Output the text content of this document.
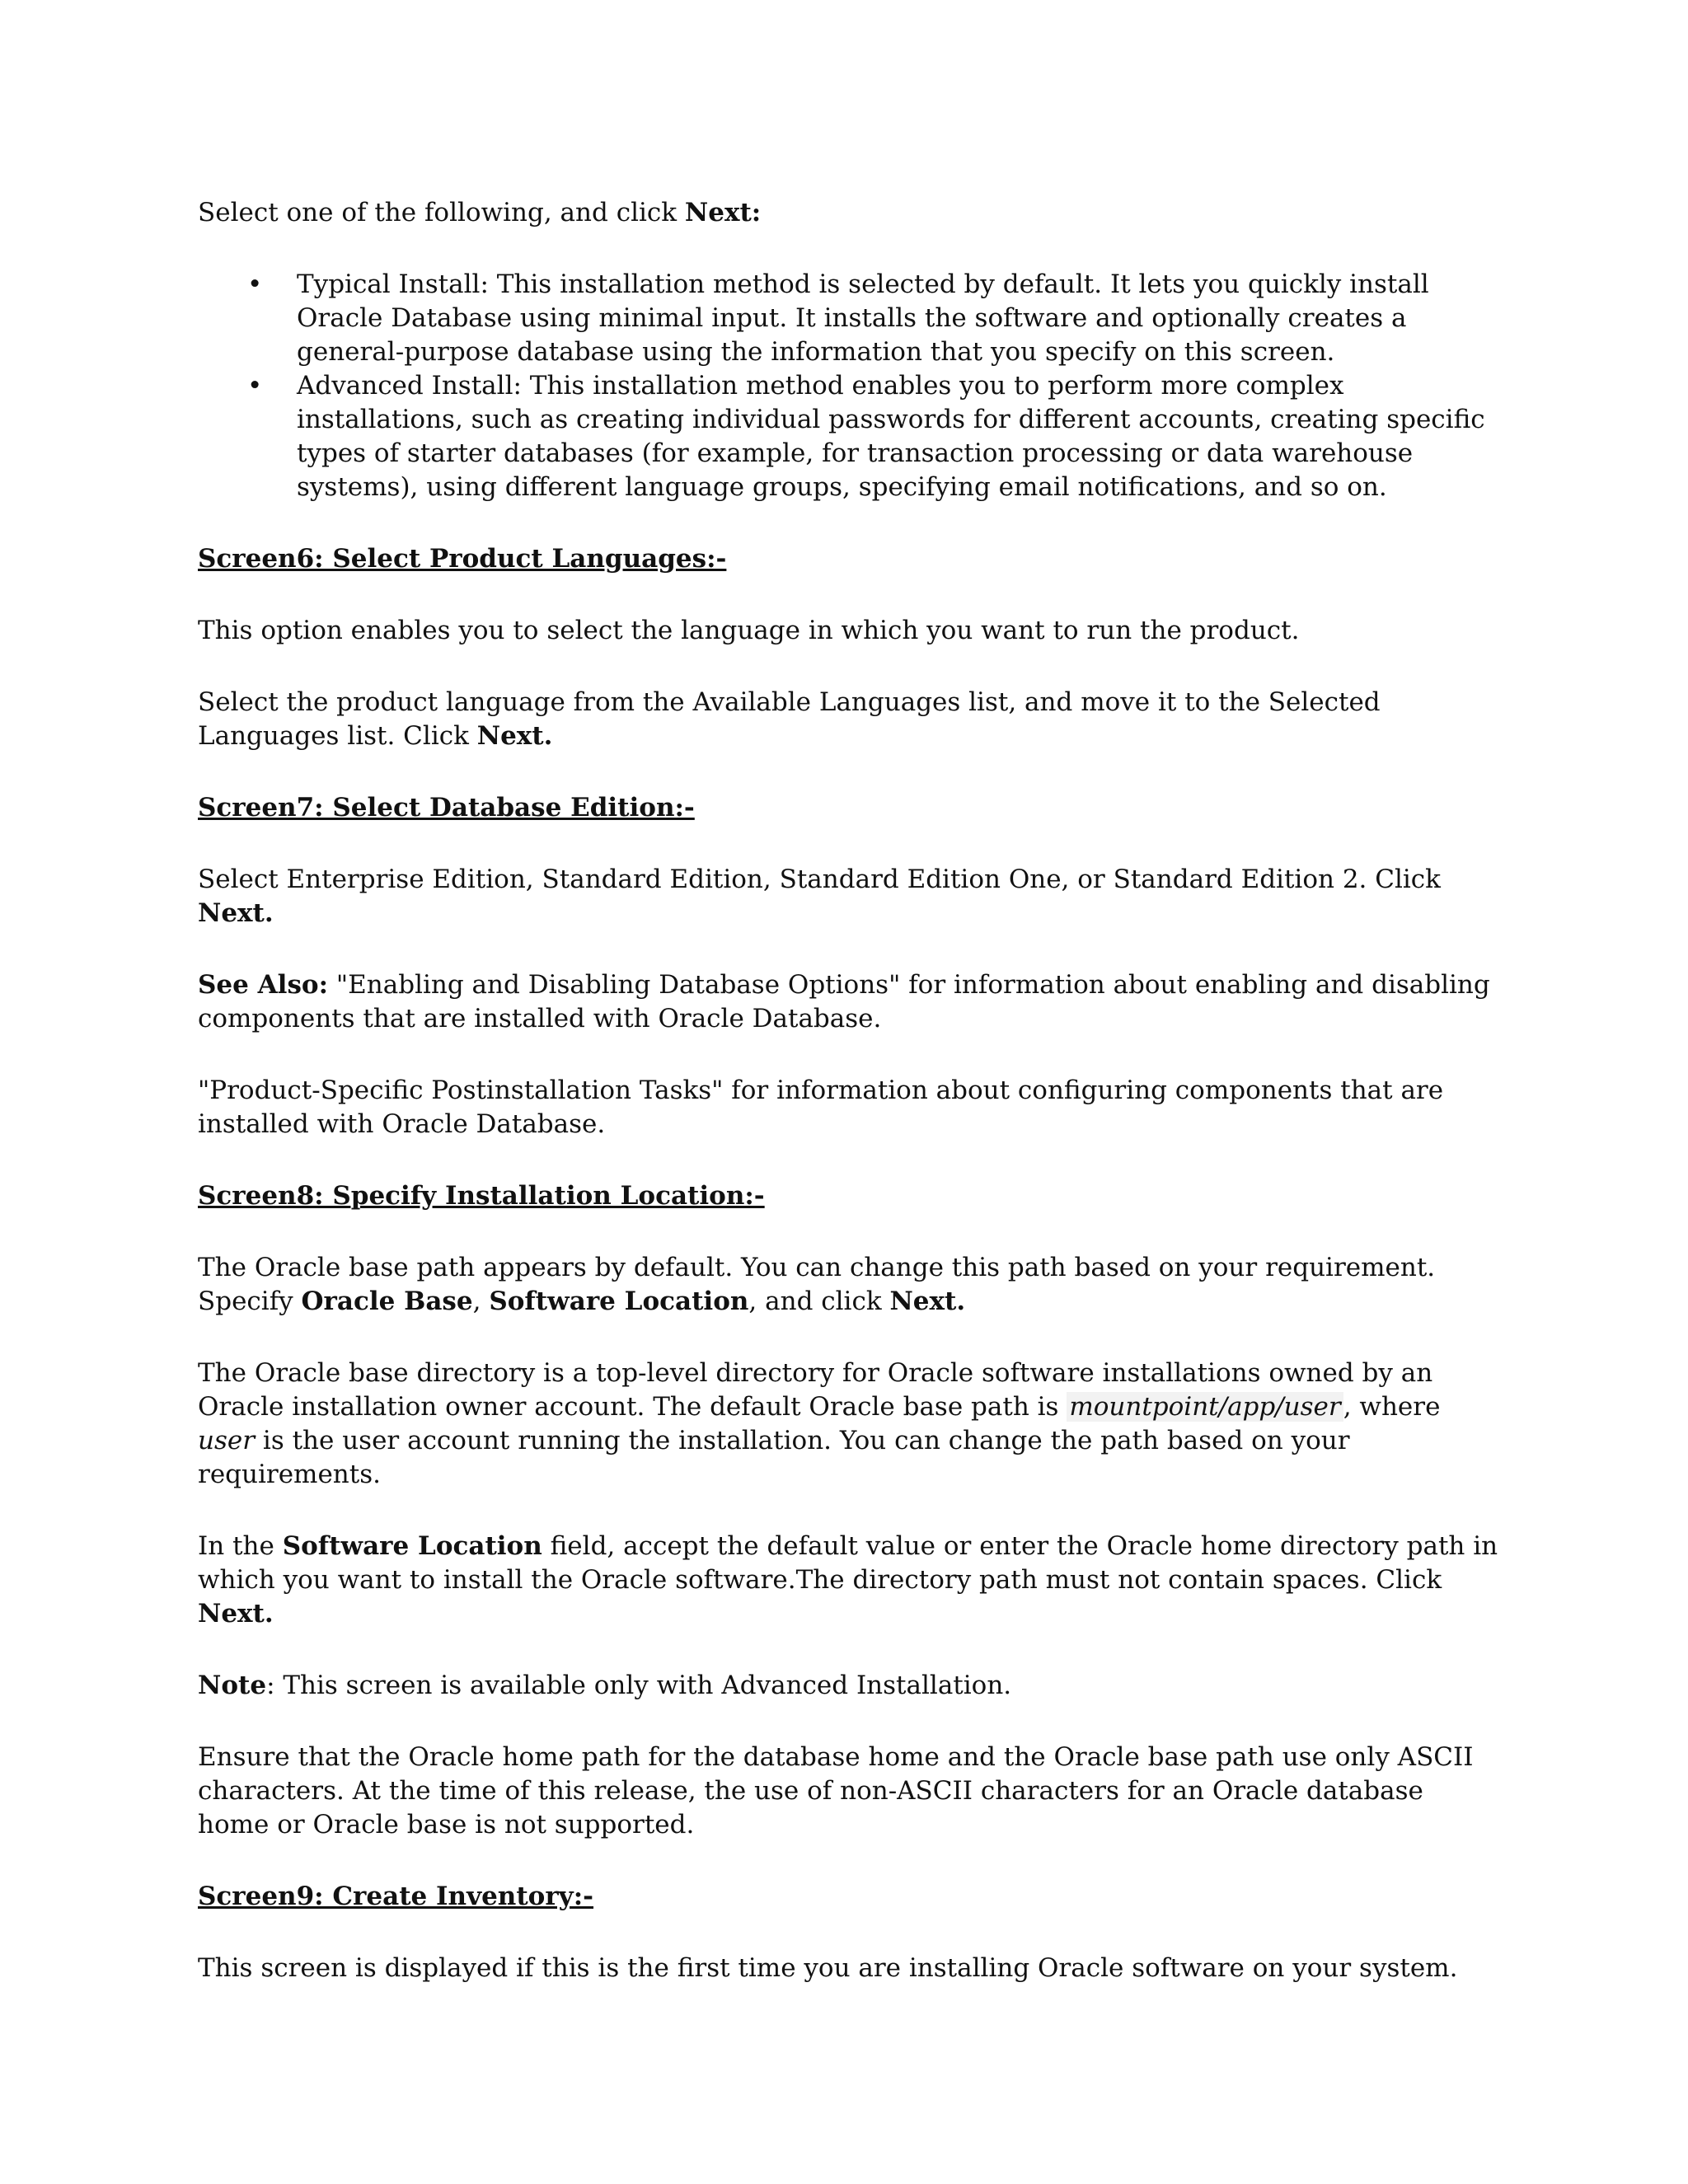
Select one of the following, and click Next:

• Typical Install: This installation method is selected by default. It lets you quickly install Oracle Database using minimal input. It installs the software and optionally creates a general-purpose database using the information that you specify on this screen.
• Advanced Install: This installation method enables you to perform more complex installations, such as creating individual passwords for different accounts, creating specific types of starter databases (for example, for transaction processing or data warehouse systems), using different language groups, specifying email notifications, and so on.

Screen6: Select Product Languages:-

This option enables you to select the language in which you want to run the product.

Select the product language from the Available Languages list, and move it to the Selected Languages list. Click Next.

Screen7: Select Database Edition:-

Select Enterprise Edition, Standard Edition, Standard Edition One, or Standard Edition 2. Click Next.

See Also: "Enabling and Disabling Database Options" for information about enabling and disabling components that are installed with Oracle Database.

"Product-Specific Postinstallation Tasks" for information about configuring components that are installed with Oracle Database.

Screen8: Specify Installation Location:-

The Oracle base path appears by default. You can change this path based on your requirement. Specify Oracle Base, Software Location, and click Next.

The Oracle base directory is a top-level directory for Oracle software installations owned by an Oracle installation owner account. The default Oracle base path is mountpoint/app/user, where user is the user account running the installation. You can change the path based on your requirements.

In the Software Location field, accept the default value or enter the Oracle home directory path in which you want to install the Oracle software.The directory path must not contain spaces. Click Next.

Note: This screen is available only with Advanced Installation.

Ensure that the Oracle home path for the database home and the Oracle base path use only ASCII characters. At the time of this release, the use of non-ASCII characters for an Oracle database home or Oracle base is not supported.

Screen9: Create Inventory:-

This screen is displayed if this is the first time you are installing Oracle software on your system.
